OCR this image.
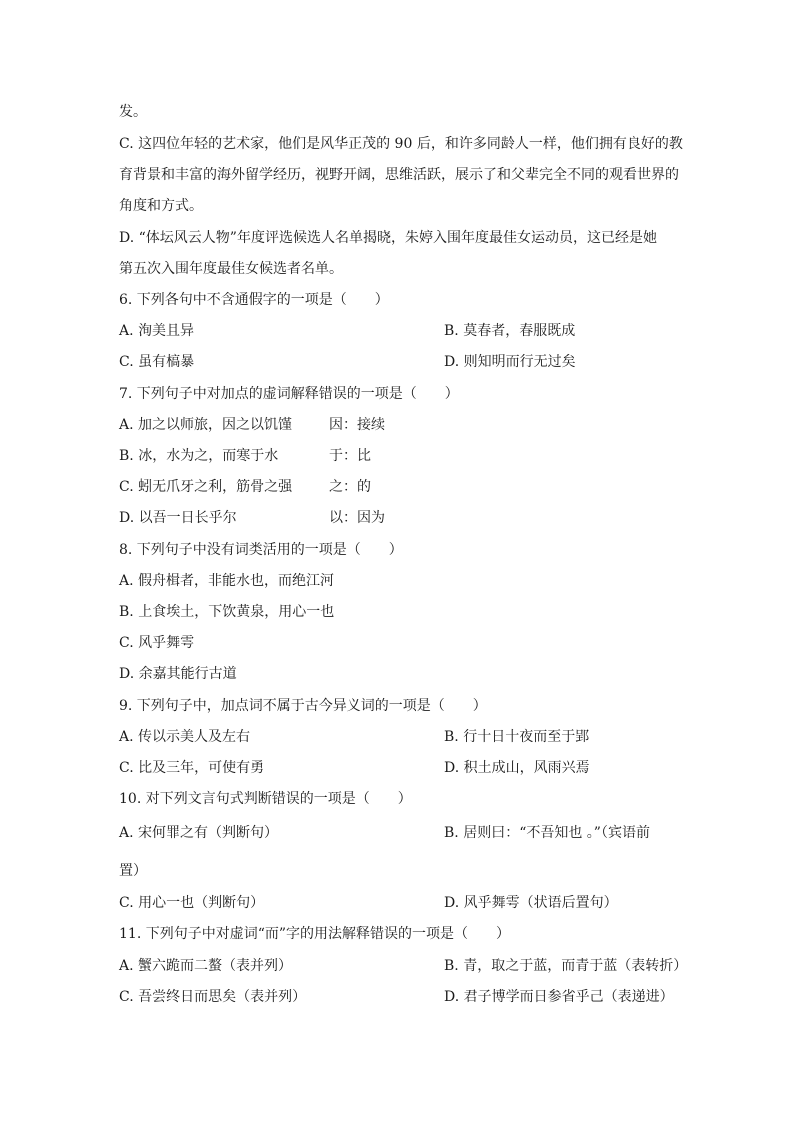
发。
C. 这四位年轻的艺术家，他们是风华正茂的 90 后，和许多同龄人一样，他们拥有良好的教
育背景和丰富的海外留学经历，视野开阔，思维活跃，展示了和父辈完全不同的观看世界的
角度和方式。
D. “体坛风云人物”年度评选候选人名单揭晓，朱婷入围年度最佳女运动员，这已经是她
第五次入围年度最佳女候选者名单。
6. 下列各句中不含通假字的一项是（　　）
A. 洵美且异	B. 莫春者，春服既成
C. 虽有槁暴	D. 则知明而行无过矣
7. 下列句子中对加点的虚词解释错误的一项是（　　）
A. 加之以师旅，因之以饥馑	因：接续
B. 冰，水为之，而寒于水	于：比
C. 蚓无爪牙之利，筋骨之强	之：的
D. 以吾一日长乎尔	以：因为
8. 下列句子中没有词类活用的一项是（　　）
A. 假舟楫者，非能水也，而绝江河
B. 上食埃土，下饮黄泉，用心一也
C. 风乎舞雩
D. 余嘉其能行古道
9. 下列句子中，加点词不属于古今异义词的一项是（　　）
A. 传以示美人及左右	B. 行十日十夜而至于郢
C. 比及三年，可使有勇	D. 积土成山，风雨兴焉
10. 对下列文言句式判断错误的一项是（　　）
A. 宋何罪之有（判断句）	B. 居则曰：“不吾知也 。”（宾语前
置）
C. 用心一也（判断句）	D. 风乎舞雩（状语后置句）
11. 下列句子中对虚词“而”字的用法解释错误的一项是（　　）
A. 蟹六跪而二螯（表并列）	B. 青，取之于蓝，而青于蓝（表转折）
C. 吾尝终日而思矣（表并列）	D. 君子博学而日参省乎己（表递进）
